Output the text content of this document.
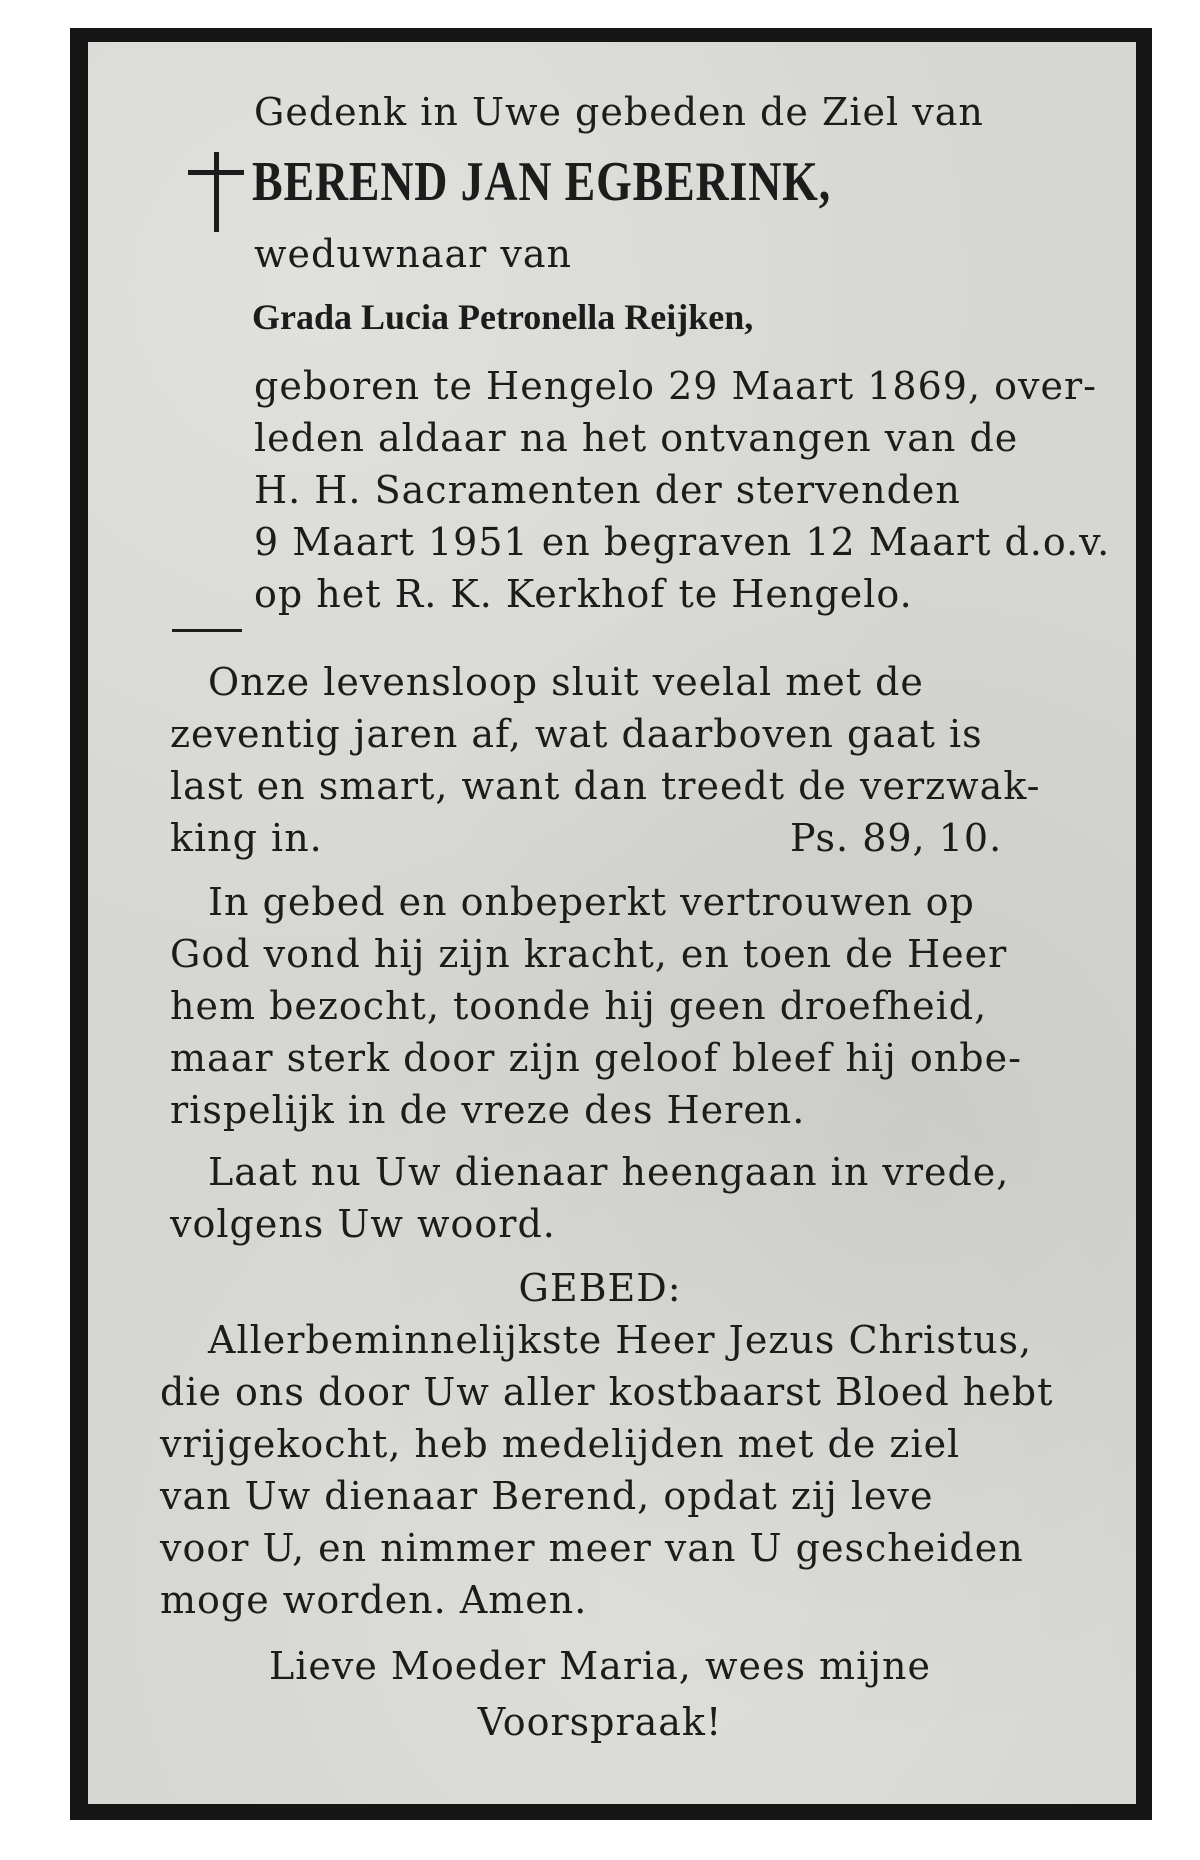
Gedenk in Uwe gebeden de Ziel van
BEREND JAN EGBERINK,
weduwnaar van
Grada Lucia Petronella Reijken,
geboren te Hengelo 29 Maart 1869, over-
leden aldaar na het ontvangen van de
H. H. Sacramenten der stervenden
9 Maart 1951 en begraven 12 Maart d.o.v.
op het R. K. Kerkhof te Hengelo.
Onze levensloop sluit veelal met de
zeventig jaren af, wat daarboven gaat is
last en smart, want dan treedt de verzwak-
king in.	Ps. 89, 10.
In gebed en onbeperkt vertrouwen op
God vond hij zijn kracht, en toen de Heer
hem bezocht, toonde hij geen droefheid,
maar sterk door zijn geloof bleef hij onbe-
rispelijk in de vreze des Heren.
Laat nu Uw dienaar heengaan in vrede,
volgens Uw woord.
GEBED:
Allerbeminnelijkste Heer Jezus Christus,
die ons door Uw aller kostbaarst Bloed hebt
vrijgekocht, heb medelijden met de ziel
van Uw dienaar Berend, opdat zij leve
voor U, en nimmer meer van U gescheiden
moge worden. Amen.
Lieve Moeder Maria, wees mijne
Voorspraak!
